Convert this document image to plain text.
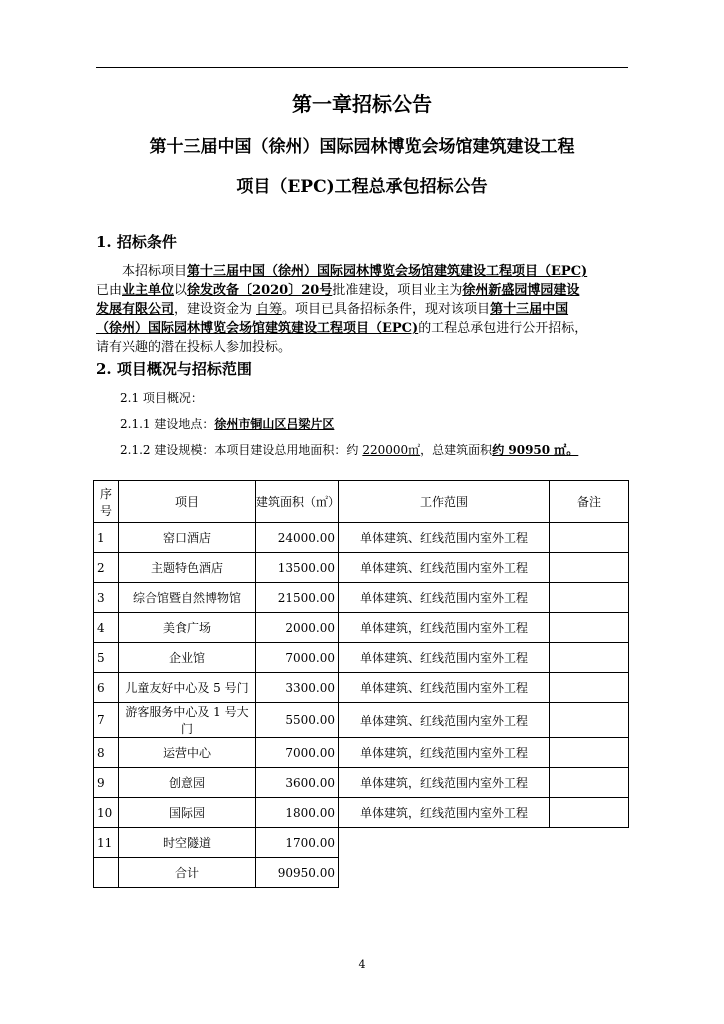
第一章招标公告
第十三届中国（徐州）国际园林博览会场馆建筑建设工程
项目（EPC)工程总承包招标公告
1. 招标条件
本招标项目第十三届中国（徐州）国际园林博览会场馆建筑建设工程项目（EPC)
已由业主单位以徐发改备〔2020〕20号批准建设，项目业主为徐州新盛园博园建设
发展有限公司，建设资金为 自筹。项目已具备招标条件，现对该项目第十三届中国
（徐州）国际园林博览会场馆建筑建设工程项目（EPC)的工程总承包进行公开招标，
请有兴趣的潜在投标人参加投标。
2. 项目概况与招标范围
2.1 项目概况：
2.1.1 建设地点：徐州市铜山区吕梁片区
2.1.2 建设规模：本项目建设总用地面积：约 220000㎡，总建筑面积约 90950 ㎡。
序号	项目	建筑面积（㎡）	工作范围	备注
1	窑口酒店	24000.00	单体建筑、红线范围内室外工程	
2	主题特色酒店	13500.00	单体建筑、红线范围内室外工程	
3	综合馆暨自然博物馆	21500.00	单体建筑、红线范围内室外工程	
4	美食广场	2000.00	单体建筑，红线范围内室外工程	
5	企业馆	7000.00	单体建筑、红线范围内室外工程	
6	儿童友好中心及 5 号门	3300.00	单体建筑、红线范围内室外工程	
7	游客服务中心及 1 号大门	5500.00	单体建筑、红线范围内室外工程	
8	运营中心	7000.00	单体建筑，红线范围内室外工程	
9	创意园	3600.00	单体建筑，红线范围内室外工程	
10	国际园	1800.00	单体建筑，红线范围内室外工程	
11	时空隧道	1700.00		
	合计	90950.00		
4
